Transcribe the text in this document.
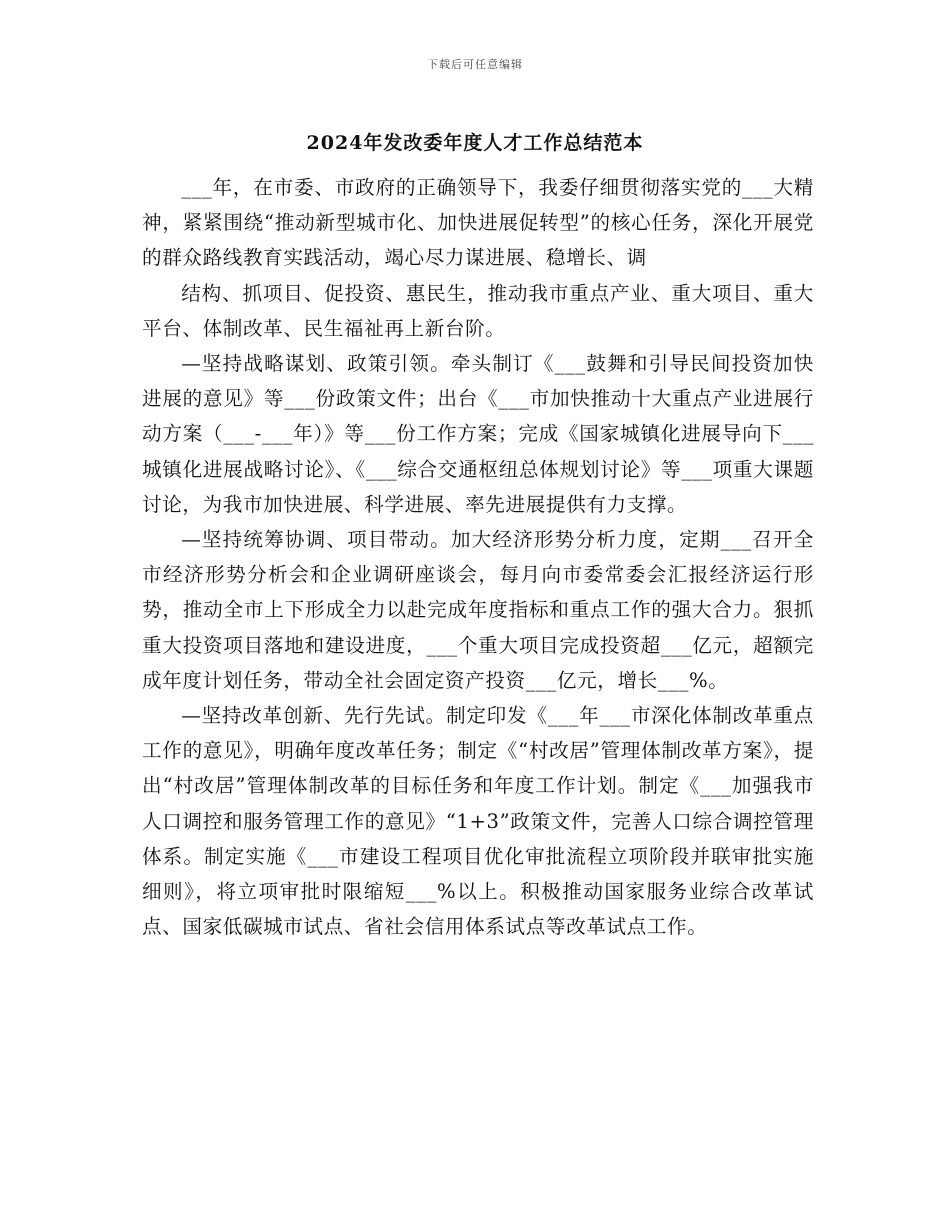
下载后可任意编辑
2024年发改委年度人才工作总结范本

___年，在市委、市政府的正确领导下，我委仔细贯彻落实党的___大精神，紧紧围绕“推动新型城市化、加快进展促转型”的核心任务，深化开展党的群众路线教育实践活动，竭心尽力谋进展、稳增长、调

结构、抓项目、促投资、惠民生，推动我市重点产业、重大项目、重大平台、体制改革、民生福祉再上新台阶。

—坚持战略谋划、政策引领。牵头制订《___鼓舞和引导民间投资加快进展的意见》等___份政策文件；出台《___市加快推动十大重点产业进展行动方案（___-___年）》等___份工作方案；完成《国家城镇化进展导向下___城镇化进展战略讨论》、《___综合交通枢纽总体规划讨论》等___项重大课题讨论，为我市加快进展、科学进展、率先进展提供有力支撑。

—坚持统筹协调、项目带动。加大经济形势分析力度，定期___召开全市经济形势分析会和企业调研座谈会，每月向市委常委会汇报经济运行形势，推动全市上下形成全力以赴完成年度指标和重点工作的强大合力。狠抓重大投资项目落地和建设进度，___个重大项目完成投资超___亿元，超额完成年度计划任务，带动全社会固定资产投资___亿元，增长___%。

—坚持改革创新、先行先试。制定印发《___年___市深化体制改革重点工作的意见》，明确年度改革任务；制定《“村改居”管理体制改革方案》，提出“村改居”管理体制改革的目标任务和年度工作计划。制定《___加强我市人口调控和服务管理工作的意见》“1+3”政策文件，完善人口综合调控管理体系。制定实施《___市建设工程项目优化审批流程立项阶段并联审批实施细则》，将立项审批时限缩短___%以上。积极推动国家服务业综合改革试点、国家低碳城市试点、省社会信用体系试点等改革试点工作。
